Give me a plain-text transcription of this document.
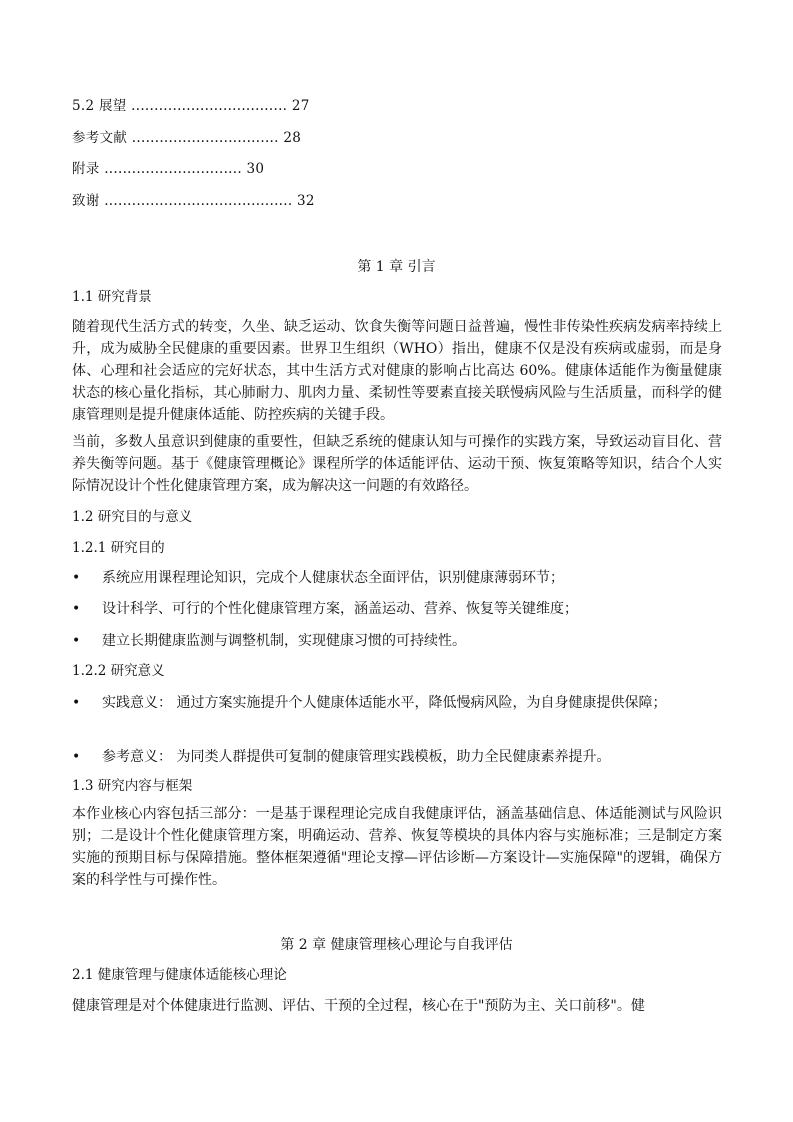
5.2 展望 .................................. 27
参考文献 ................................ 28
附录 .............................. 30
致谢 ......................................... 32
第 1 章 引言
1.1 研究背景

随着现代生活方式的转变，久坐、缺乏运动、饮食失衡等问题日益普遍，慢性非传染性疾病发病率持续上升，成为威胁全民健康的重要因素。世界卫生组织（WHO）指出，健康不仅是没有疾病或虚弱，而是身体、心理和社会适应的完好状态，其中生活方式对健康的影响占比高达 60%。健康体适能作为衡量健康状态的核心量化指标，其心肺耐力、肌肉力量、柔韧性等要素直接关联慢病风险与生活质量，而科学的健康管理则是提升健康体适能、防控疾病的关键手段。

当前，多数人虽意识到健康的重要性，但缺乏系统的健康认知与可操作的实践方案，导致运动盲目化、营养失衡等问题。基于《健康管理概论》课程所学的体适能评估、运动干预、恢复策略等知识，结合个人实际情况设计个性化健康管理方案，成为解决这一问题的有效路径。

1.2 研究目的与意义
1.2.1 研究目的
•	系统应用课程理论知识，完成个人健康状态全面评估，识别健康薄弱环节；
•	设计科学、可行的个性化健康管理方案，涵盖运动、营养、恢复等关键维度；
•	建立长期健康监测与调整机制，实现健康习惯的可持续性。
1.2.2 研究意义
•	实践意义： 通过方案实施提升个人健康体适能水平，降低慢病风险，为自身健康提供保障；
•	参考意义： 为同类人群提供可复制的健康管理实践模板，助力全民健康素养提升。
1.3 研究内容与框架

本作业核心内容包括三部分：一是基于课程理论完成自我健康评估，涵盖基础信息、体适能测试与风险识别；二是设计个性化健康管理方案，明确运动、营养、恢复等模块的具体内容与实施标准；三是制定方案实施的预期目标与保障措施。整体框架遵循"理论支撑—评估诊断—方案设计—实施保障"的逻辑，确保方案的科学性与可操作性。

第 2 章 健康管理核心理论与自我评估
2.1 健康管理与健康体适能核心理论

健康管理是对个体健康进行监测、评估、干预的全过程，核心在于"预防为主、关口前移"。健
